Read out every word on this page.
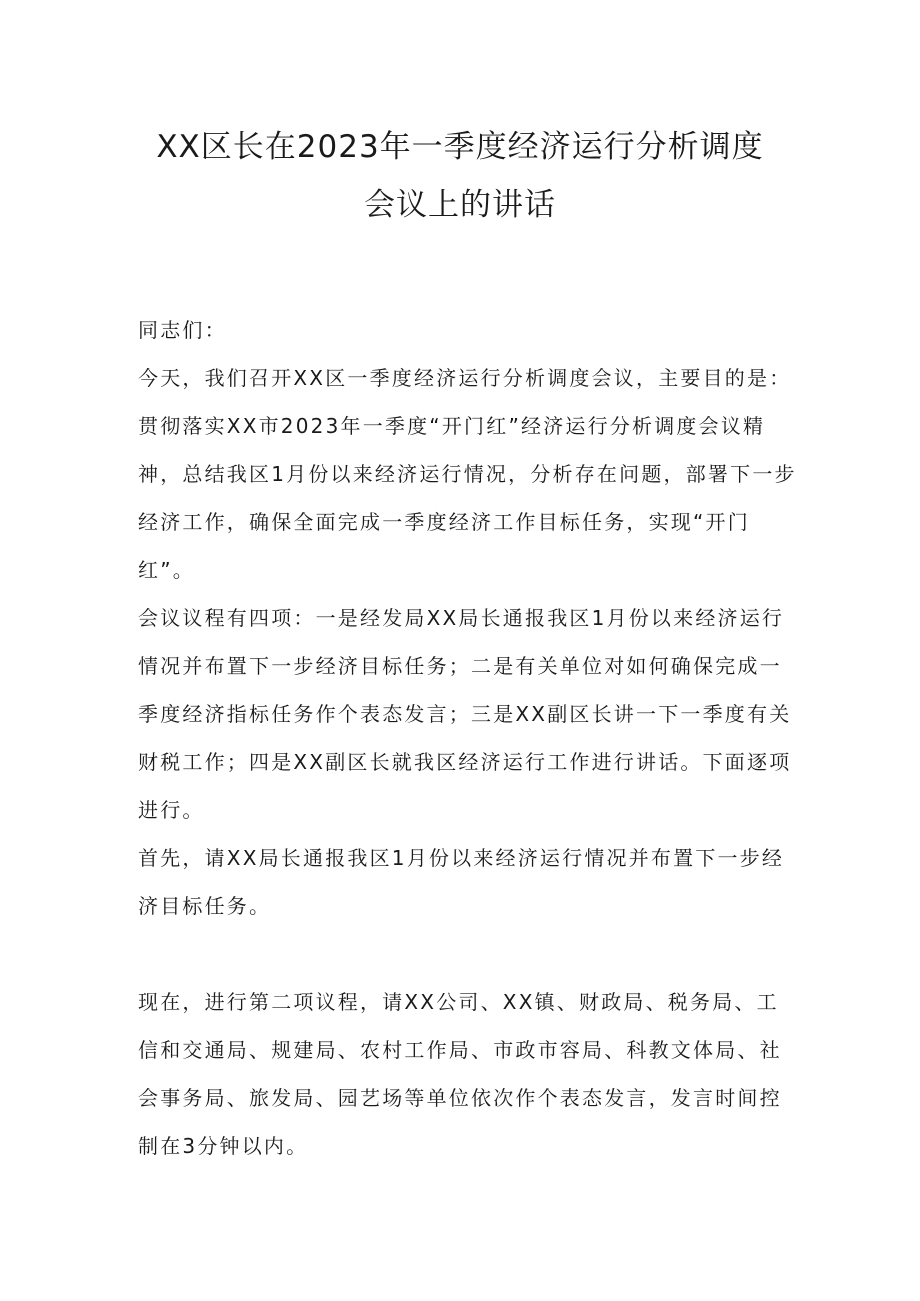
XX区长在2023年一季度经济运行分析调度
会议上的讲话

同志们：

今天，我们召开XX区一季度经济运行分析调度会议，主要目的是：贯彻落实XX市2023年一季度“开门红”经济运行分析调度会议精神，总结我区1月份以来经济运行情况，分析存在问题，部署下一步经济工作，确保全面完成一季度经济工作目标任务，实现“开门红”。

会议议程有四项：一是经发局XX局长通报我区1月份以来经济运行情况并布置下一步经济目标任务；二是有关单位对如何确保完成一季度经济指标任务作个表态发言；三是XX副区长讲一下一季度有关财税工作；四是XX副区长就我区经济运行工作进行讲话。下面逐项进行。

首先，请XX局长通报我区1月份以来经济运行情况并布置下一步经济目标任务。

现在，进行第二项议程，请XX公司、XX镇、财政局、税务局、工信和交通局、规建局、农村工作局、市政市容局、科教文体局、社会事务局、旅发局、园艺场等单位依次作个表态发言，发言时间控制在3分钟以内。
